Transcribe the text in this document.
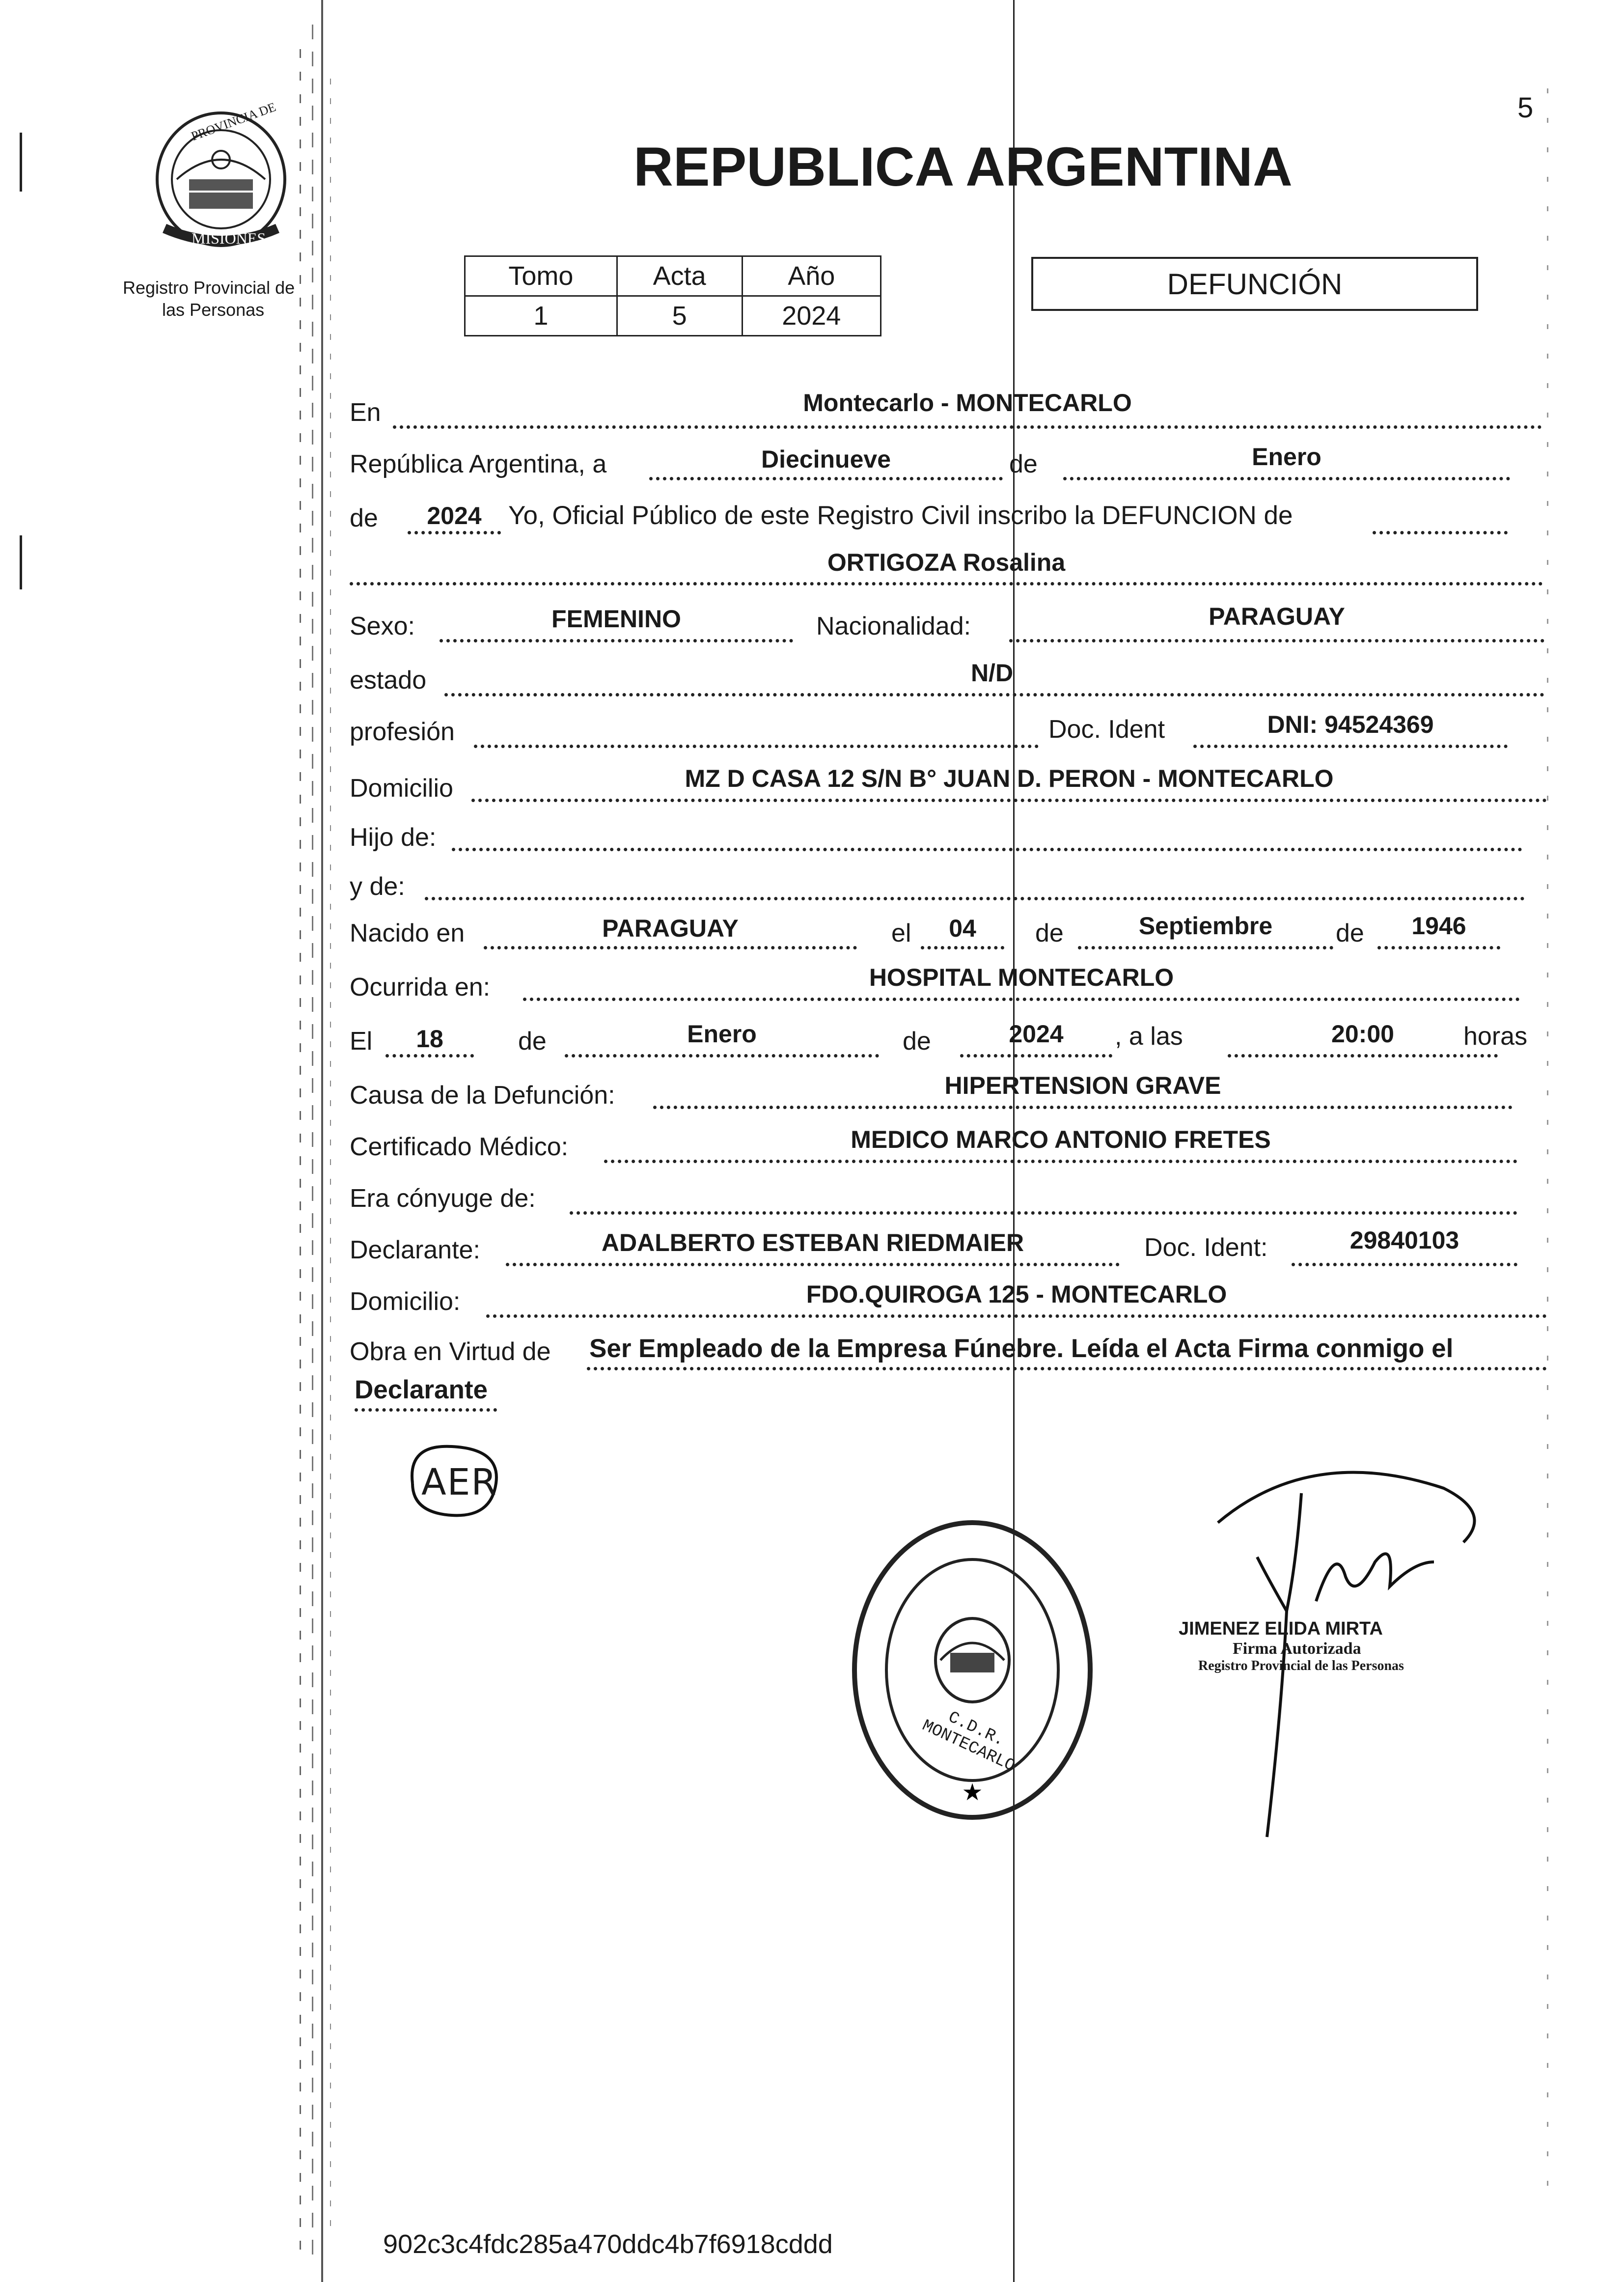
5
PROVINCIA DE
MISIONES
Registro Provincial de
las Personas
REPUBLICA ARGENTINA
Tomo	Acta	Año
1	5	2024
DEFUNCIÓN
En	Montecarlo - MONTECARLO
República Argentina, a	Diecinueve	de	Enero
de	2024	Yo, Oficial Público de este Registro Civil inscribo la DEFUNCION de
ORTIGOZA Rosalina
Sexo:	FEMENINO	Nacionalidad:	PARAGUAY
estado	N/D
profesión	Doc. Ident	DNI: 94524369
Domicilio	MZ D CASA 12 S/N B° JUAN D. PERON - MONTECARLO
Hijo de:
y de:
Nacido en	PARAGUAY	el	04	de	Septiembre	de	1946
Ocurrida en:	HOSPITAL MONTECARLO
El	18	de	Enero	de	2024	, a las	20:00	horas
Causa de la Defunción:	HIPERTENSION GRAVE
Certificado Médico:	MEDICO MARCO ANTONIO FRETES
Era cónyuge de:
Declarante:	ADALBERTO ESTEBAN RIEDMAIER	Doc. Ident:	29840103
Domicilio:	FDO.QUIROGA 125 - MONTECARLO
Obra en Virtud de Ser Empleado de la Empresa Fúnebre. Leída el Acta Firma conmigo el
Declarante
AER
★
C.D.R. MONTECARLO
JIMENEZ ELIDA MIRTA
Firma Autorizada
Registro Provincial de las Personas
902c3c4fdc285a470ddc4b7f6918cddd
